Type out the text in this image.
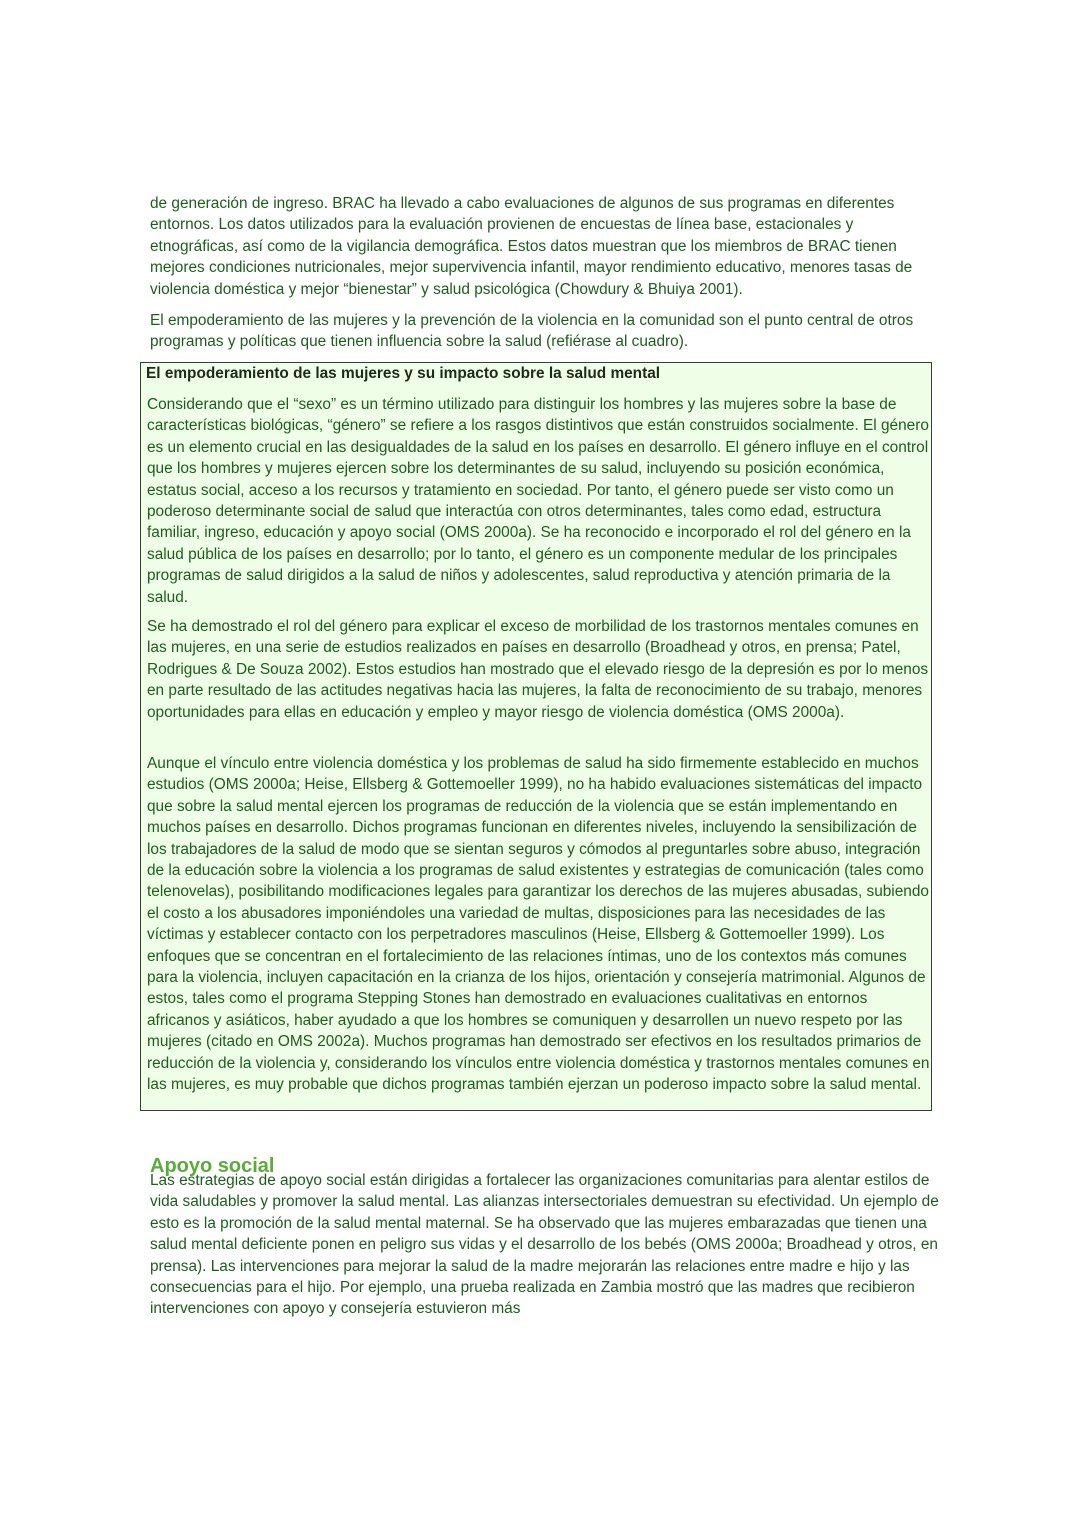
de generación de ingreso. BRAC ha llevado a cabo evaluaciones de algunos de sus programas en diferentes entornos. Los datos utilizados para la evaluación provienen de encuestas de línea base, estacionales y etnográficas, así como de la vigilancia demográfica. Estos datos muestran que los miembros de BRAC tienen mejores condiciones nutricionales, mejor supervivencia infantil, mayor rendimiento educativo, menores tasas de violencia doméstica y mejor “bienestar” y salud psicológica (Chowdury & Bhuiya 2001).

El empoderamiento de las mujeres y la prevención de la violencia en la comunidad son el punto central de otros programas y políticas que tienen influencia sobre la salud (refiérase al cuadro).

El empoderamiento de las mujeres y su impacto sobre la salud mental

Considerando que el “sexo” es un término utilizado para distinguir los hombres y las mujeres sobre la base de características biológicas, “género” se refiere a los rasgos distintivos que están construidos socialmente. El género es un elemento crucial en las desigualdades de la salud en los países en desarrollo. El género influye en el control que los hombres y mujeres ejercen sobre los determinantes de su salud, incluyendo su posición económica, estatus social, acceso a los recursos y tratamiento en sociedad. Por tanto, el género puede ser visto como un poderoso determinante social de salud que interactúa con otros determinantes, tales como edad, estructura familiar, ingreso, educación y apoyo social (OMS 2000a). Se ha reconocido e incorporado el rol del género en la salud pública de los países en desarrollo; por lo tanto, el género es un componente medular de los principales programas de salud dirigidos a la salud de niños y adolescentes, salud reproductiva y atención primaria de la salud.

Se ha demostrado el rol del género para explicar el exceso de morbilidad de los trastornos mentales comunes en las mujeres, en una serie de estudios realizados en países en desarrollo (Broadhead y otros, en prensa; Patel, Rodrigues & De Souza 2002). Estos estudios han mostrado que el elevado riesgo de la depresión es por lo menos en parte resultado de las actitudes negativas hacia las mujeres, la falta de reconocimiento de su trabajo, menores oportunidades para ellas en educación y empleo y mayor riesgo de violencia doméstica (OMS 2000a).

Aunque el vínculo entre violencia doméstica y los problemas de salud ha sido firmemente establecido en muchos estudios (OMS 2000a; Heise, Ellsberg & Gottemoeller 1999), no ha habido evaluaciones sistemáticas del impacto que sobre la salud mental ejercen los programas de reducción de la violencia que se están implementando en muchos países en desarrollo. Dichos programas funcionan en diferentes niveles, incluyendo la sensibilización de los trabajadores de la salud de modo que se sientan seguros y cómodos al preguntarles sobre abuso, integración de la educación sobre la violencia a los programas de salud existentes y estrategias de comunicación (tales como telenovelas), posibilitando modificaciones legales para garantizar los derechos de las mujeres abusadas, subiendo el costo a los abusadores imponiéndoles una variedad de multas, disposiciones para las necesidades de las víctimas y establecer contacto con los perpetradores masculinos (Heise, Ellsberg & Gottemoeller 1999). Los enfoques que se concentran en el fortalecimiento de las relaciones íntimas, uno de los contextos más comunes para la violencia, incluyen capacitación en la crianza de los hijos, orientación y consejería matrimonial. Algunos de estos, tales como el programa Stepping Stones han demostrado en evaluaciones cualitativas en entornos africanos y asiáticos, haber ayudado a que los hombres se comuniquen y desarrollen un nuevo respeto por las mujeres (citado en OMS 2002a). Muchos programas han demostrado ser efectivos en los resultados primarios de reducción de la violencia y, considerando los vínculos entre violencia doméstica y trastornos mentales comunes en las mujeres, es muy probable que dichos programas también ejerzan un poderoso impacto sobre la salud mental.

Apoyo social

Las estrategias de apoyo social están dirigidas a fortalecer las organizaciones comunitarias para alentar estilos de vida saludables y promover la salud mental. Las alianzas intersectoriales demuestran su efectividad. Un ejemplo de esto es la promoción de la salud mental maternal. Se ha observado que las mujeres embarazadas que tienen una salud mental deficiente ponen en peligro sus vidas y el desarrollo de los bebés (OMS 2000a; Broadhead y otros, en prensa). Las intervenciones para mejorar la salud de la madre mejorarán las relaciones entre madre e hijo y las consecuencias para el hijo. Por ejemplo, una prueba realizada en Zambia mostró que las madres que recibieron intervenciones con apoyo y consejería estuvieron más
